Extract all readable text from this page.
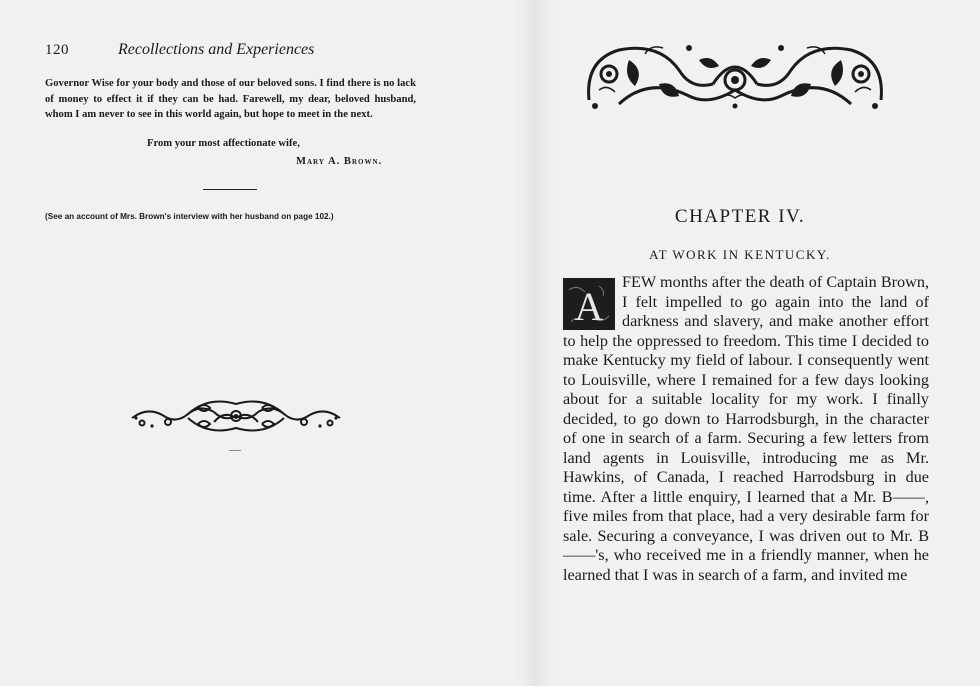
120	Recollections and Experiences

Governor Wise for your body and those of our beloved sons. I find there is no lack of money to effect it if they can be had. Farewell, my dear, beloved husband, whom I am never to see in this world again, but hope to meet in the next.

From your most affectionate wife,
Mary A. Brown.
(See an account of Mrs. Brown's interview with her husband on page 102.)	CHAPTER IV.
AT WORK IN KENTUCKY.
A

FEW months after the death of Captain Brown, I felt impelled to go again into the land of darkness and slavery, and make another effort to help the oppressed to freedom. This time I decided to make Kentucky my field of labour. I consequently went to Louisville, where I remained for a few days looking about for a suitable locality for my work. I finally decided, to go down to Harrodsburgh, in the character of one in search of a farm. Securing a few letters from land agents in Louisville, introducing me as Mr. Hawkins, of Canada, I reached Harrodsburg in due time. After a little enquiry, I learned that a Mr. B——, five miles from that place, had a very desirable farm for sale. Securing a conveyance, I was driven out to Mr. B——'s, who received me in a friendly manner, when he learned that I was in search of a farm, and invited me
